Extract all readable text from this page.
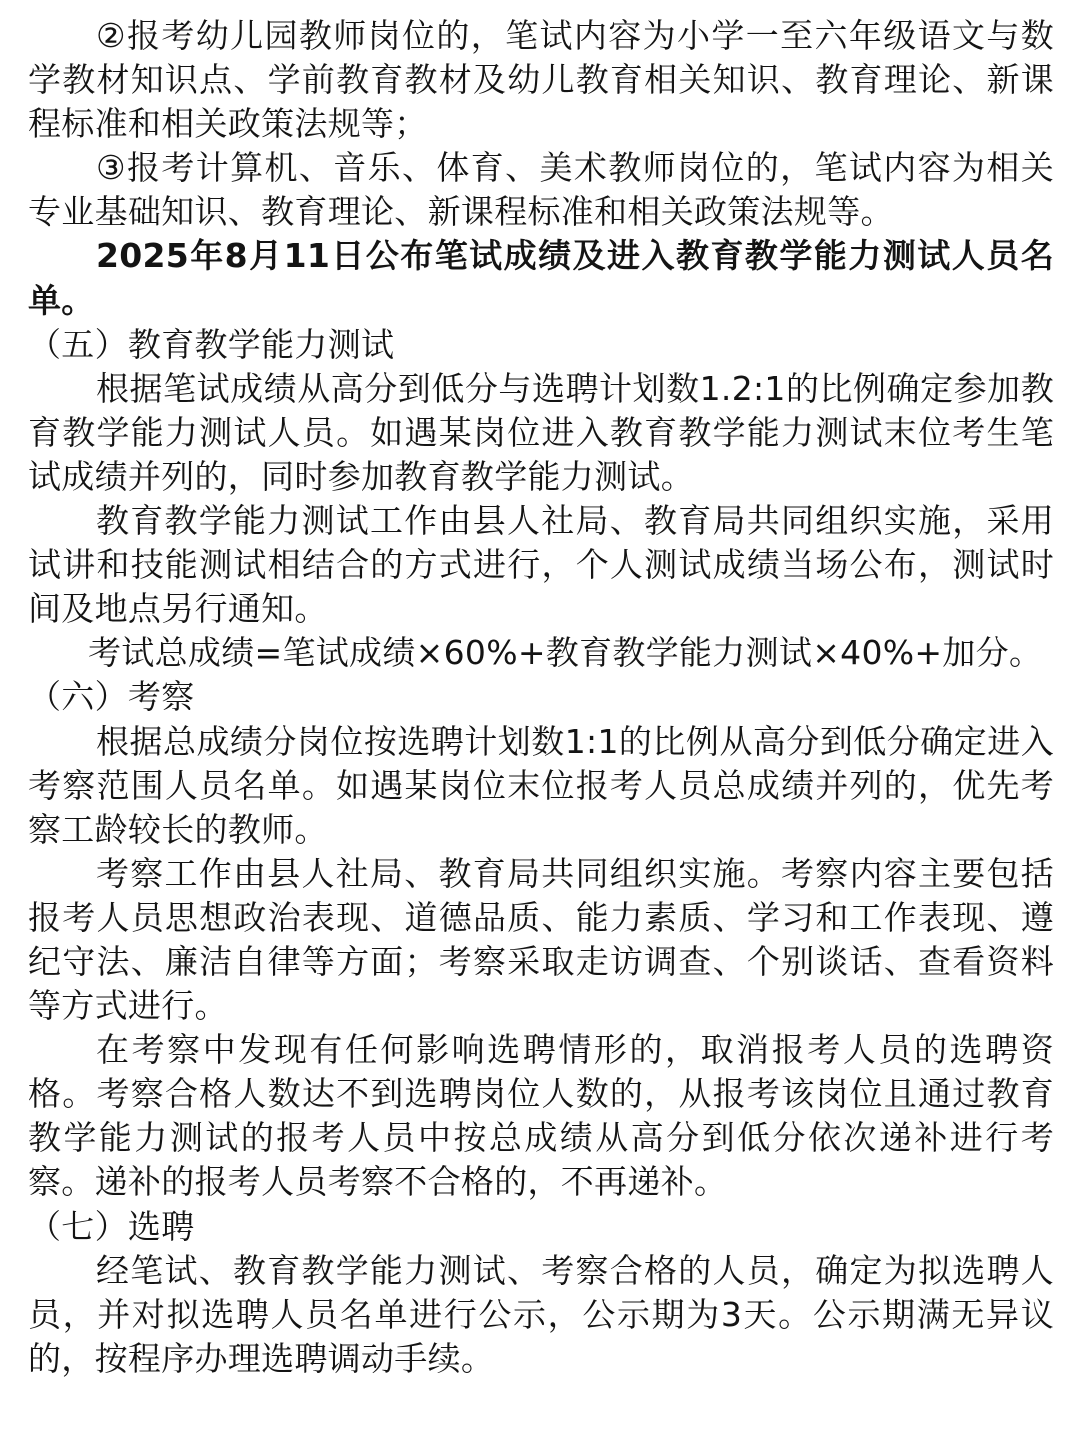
②报考幼儿园教师岗位的，笔试内容为小学一至六年级语文与数学教材知识点、学前教育教材及幼儿教育相关知识、教育理论、新课程标准和相关政策法规等；

③报考计算机、音乐、体育、美术教师岗位的，笔试内容为相关专业基础知识、教育理论、新课程标准和相关政策法规等。

2025年8月11日公布笔试成绩及进入教育教学能力测试人员名单。

（五）教育教学能力测试

根据笔试成绩从高分到低分与选聘计划数1.2:1的比例确定参加教育教学能力测试人员。如遇某岗位进入教育教学能力测试末位考生笔试成绩并列的，同时参加教育教学能力测试。

教育教学能力测试工作由县人社局、教育局共同组织实施，采用试讲和技能测试相结合的方式进行，个人测试成绩当场公布，测试时间及地点另行通知。

考试总成绩=笔试成绩×60%+教育教学能力测试×40%+加分。

（六）考察

根据总成绩分岗位按选聘计划数1:1的比例从高分到低分确定进入考察范围人员名单。如遇某岗位末位报考人员总成绩并列的，优先考察工龄较长的教师。

考察工作由县人社局、教育局共同组织实施。考察内容主要包括报考人员思想政治表现、道德品质、能力素质、学习和工作表现、遵纪守法、廉洁自律等方面；考察采取走访调查、个别谈话、查看资料等方式进行。

在考察中发现有任何影响选聘情形的，取消报考人员的选聘资格。考察合格人数达不到选聘岗位人数的，从报考该岗位且通过教育教学能力测试的报考人员中按总成绩从高分到低分依次递补进行考察。递补的报考人员考察不合格的，不再递补。

（七）选聘

经笔试、教育教学能力测试、考察合格的人员，确定为拟选聘人员，并对拟选聘人员名单进行公示，公示期为3天。公示期满无异议的，按程序办理选聘调动手续。
